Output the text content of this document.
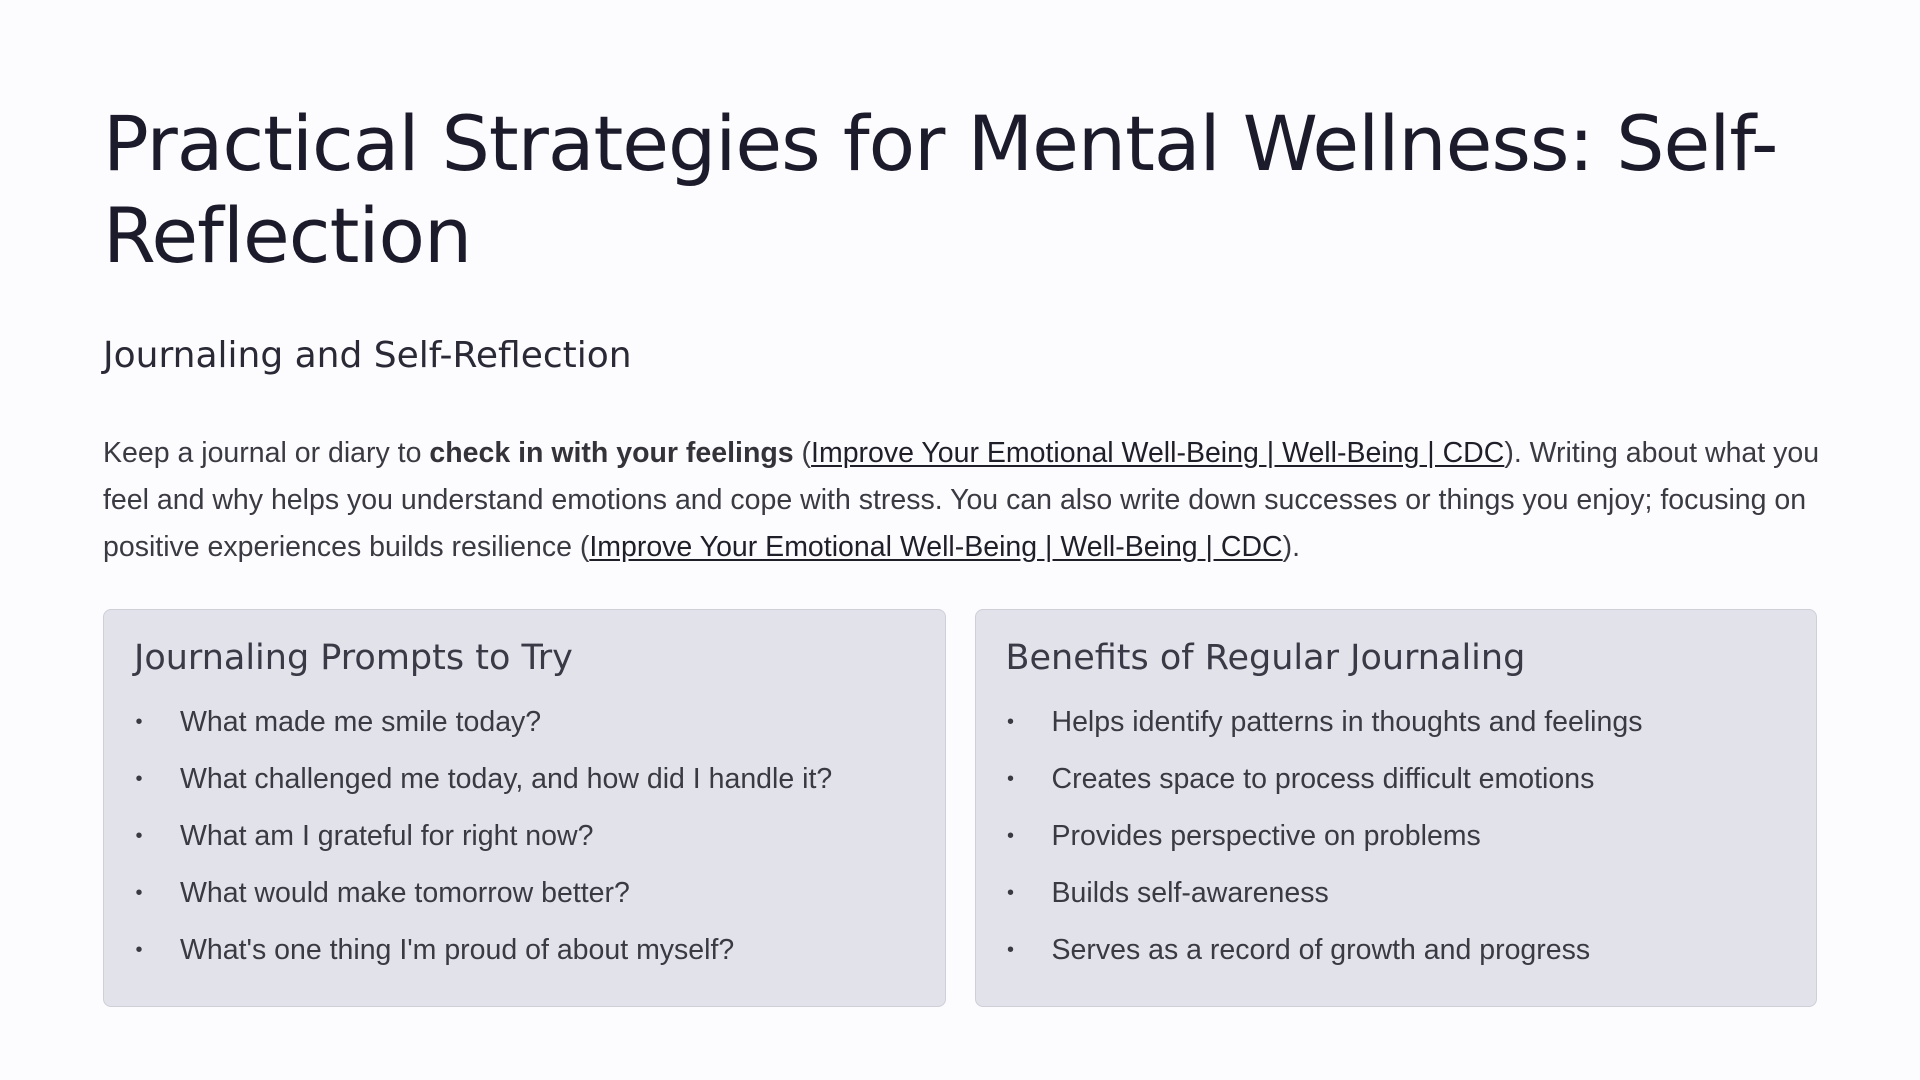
Practical Strategies for Mental Wellness: Self-Reflection
Journaling and Self-Reflection

Keep a journal or diary to check in with your feelings (Improve Your Emotional Well-Being | Well-Being | CDC). Writing about what you feel and why helps you understand emotions and cope with stress. You can also write down successes or things you enjoy; focusing on positive experiences builds resilience (Improve Your Emotional Well-Being | Well-Being | CDC).

Journaling Prompts to Try
• What made me smile today?
• What challenged me today, and how did I handle it?
• What am I grateful for right now?
• What would make tomorrow better?
• What's one thing I'm proud of about myself?
Benefits of Regular Journaling
• Helps identify patterns in thoughts and feelings
• Creates space to process difficult emotions
• Provides perspective on problems
• Builds self-awareness
• Serves as a record of growth and progress
